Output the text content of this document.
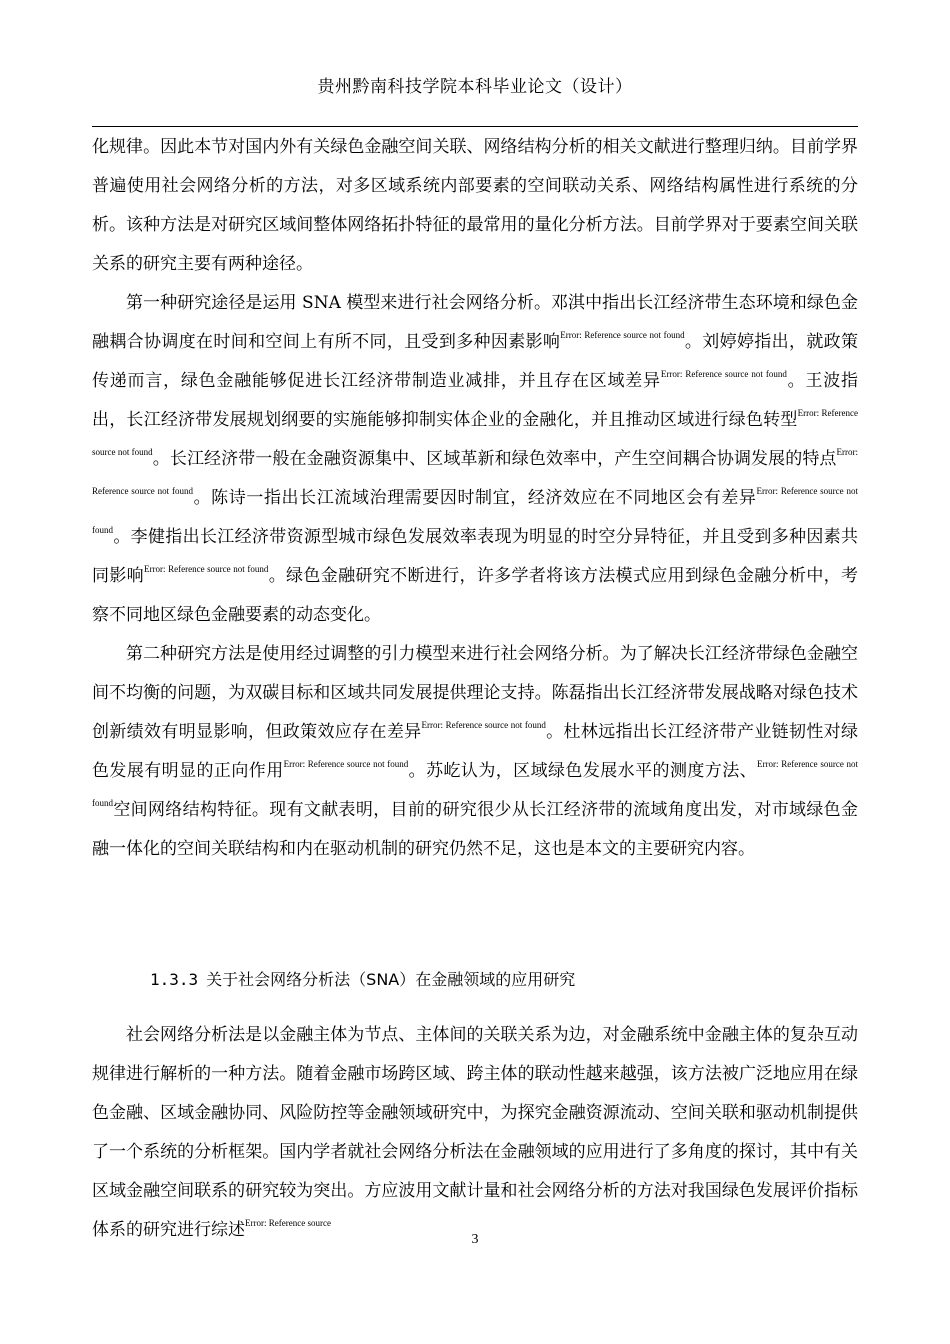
贵州黔南科技学院本科毕业论文（设计）

化规律。因此本节对国内外有关绿色金融空间关联、网络结构分析的相关文献进行整理归纳。目前学界普遍使用社会网络分析的方法，对多区域系统内部要素的空间联动关系、网络结构属性进行系统的分析。该种方法是对研究区域间整体网络拓扑特征的最常用的量化分析方法。目前学界对于要素空间关联关系的研究主要有两种途径。

第一种研究途径是运用 SNA 模型来进行社会网络分析。邓淇中指出长江经济带生态环境和绿色金融耦合协调度在时间和空间上有所不同，且受到多种因素影响$^{Error: Reference source not found}$。刘婷婷指出，就政策传递而言，绿色金融能够促进长江经济带制造业减排，并且存在区域差异$^{Error: Reference source not found}$。王波指出，长江经济带发展规划纲要的实施能够抑制实体企业的金融化，并且推动区域进行绿色转型$^{Error: Reference source not found}$。长江经济带一般在金融资源集中、区域革新和绿色效率中，产生空间耦合协调发展的特点$^{Error: Reference source not found}$。陈诗一指出长江流域治理需要因时制宜，经济效应在不同地区会有差异$^{Error: Reference source not found}$。李健指出长江经济带资源型城市绿色发展效率表现为明显的时空分异特征，并且受到多种因素共同影响$^{Error: Reference source not found}$。绿色金融研究不断进行，许多学者将该方法模式应用到绿色金融分析中，考察不同地区绿色金融要素的动态变化。

第二种研究方法是使用经过调整的引力模型来进行社会网络分析。为了解决长江经济带绿色金融空间不均衡的问题，为双碳目标和区域共同发展提供理论支持。陈磊指出长江经济带发展战略对绿色技术创新绩效有明显影响，但政策效应存在差异$^{Error: Reference source not found}$。杜林远指出长江经济带产业链韧性对绿色发展有明显的正向作用$^{Error: Reference source not found}$。苏屹认为，区域绿色发展水平的测度方法、$^{Error: Reference source not found}$空间网络结构特征。现有文献表明，目前的研究很少从长江经济带的流域角度出发，对市域绿色金融一体化的空间关联结构和内在驱动机制的研究仍然不足，这也是本文的主要研究内容。

1.3.3 关于社会网络分析法（SNA）在金融领域的应用研究

社会网络分析法是以金融主体为节点、主体间的关联关系为边，对金融系统中金融主体的复杂互动规律进行解析的一种方法。随着金融市场跨区域、跨主体的联动性越来越强，该方法被广泛地应用在绿色金融、区域金融协同、风险防控等金融领域研究中，为探究金融资源流动、空间关联和驱动机制提供了一个系统的分析框架。国内学者就社会网络分析法在金融领域的应用进行了多角度的探讨，其中有关区域金融空间联系的研究较为突出。方应波用文献计量和社会网络分析的方法对我国绿色发展评价指标体系的研究进行综述$^{Error: Reference source}$

3
